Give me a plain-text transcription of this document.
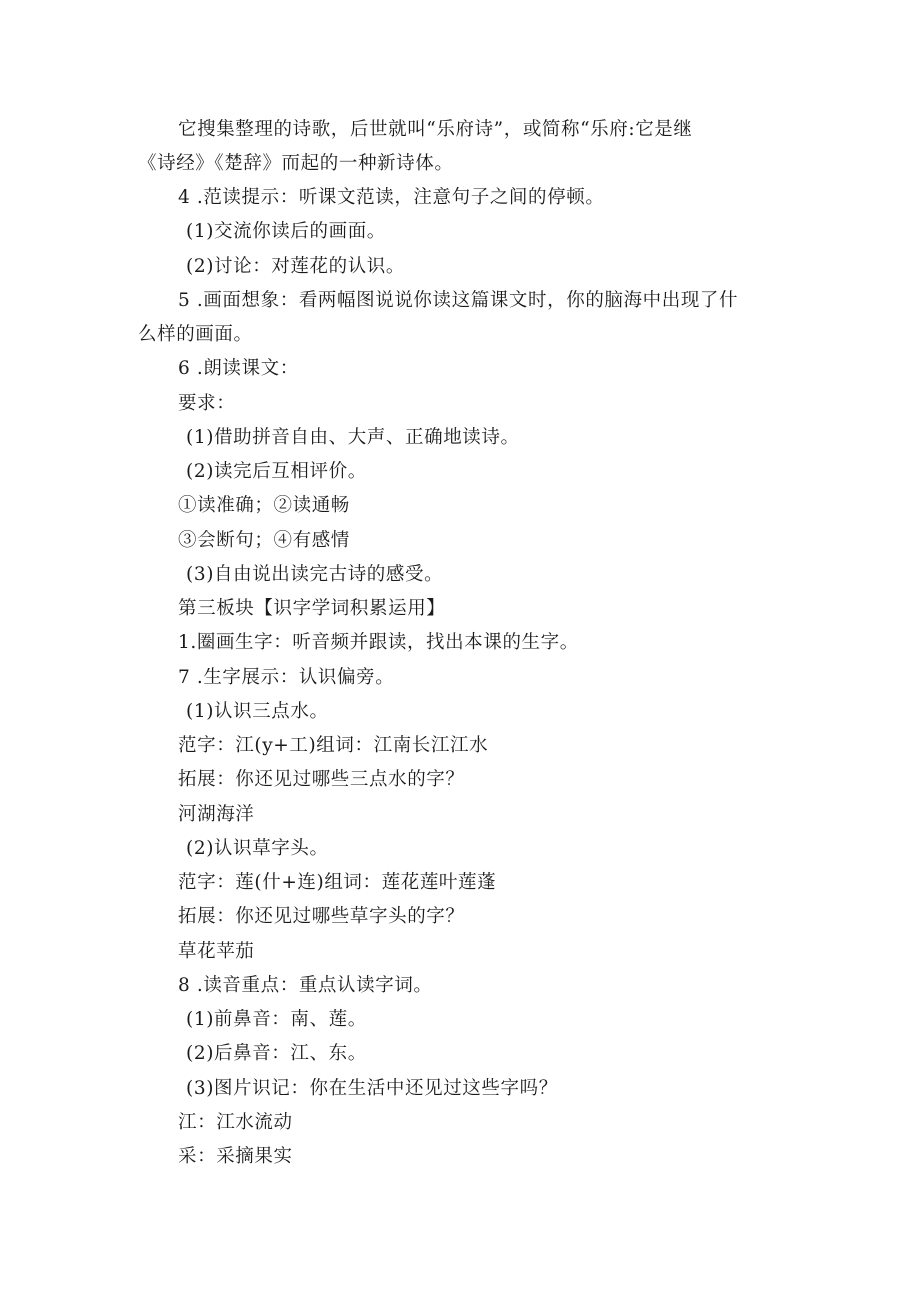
它搜集整理的诗歌，后世就叫“乐府诗”，或简称“乐府:它是继
《诗经》《楚辞》而起的一种新诗体。
4 .范读提示：听课文范读，注意句子之间的停顿。
(1)交流你读后的画面。
(2)讨论：对莲花的认识。
5 .画面想象：看两幅图说说你读这篇课文时，你的脑海中出现了什
么样的画面。
6 .朗读课文：
要求：
(1)借助拼音自由、大声、正确地读诗。
(2)读完后互相评价。
①读准确；②读通畅
③会断句；④有感情
(3)自由说出读完古诗的感受。
第三板块【识字学词积累运用】
1.圈画生字：听音频并跟读，找出本课的生字。
7 .生字展示：认识偏旁。
(1)认识三点水。
范字：江(y+工)组词：江南长江江水
拓展：你还见过哪些三点水的字？
河湖海洋
(2)认识草字头。
范字：莲(什+连)组词：莲花莲叶莲蓬
拓展：你还见过哪些草字头的字？
草花苹茄
8 .读音重点：重点认读字词。
(1)前鼻音：南、莲。
(2)后鼻音：江、东。
(3)图片识记：你在生活中还见过这些字吗？
江：江水流动
采：采摘果实
